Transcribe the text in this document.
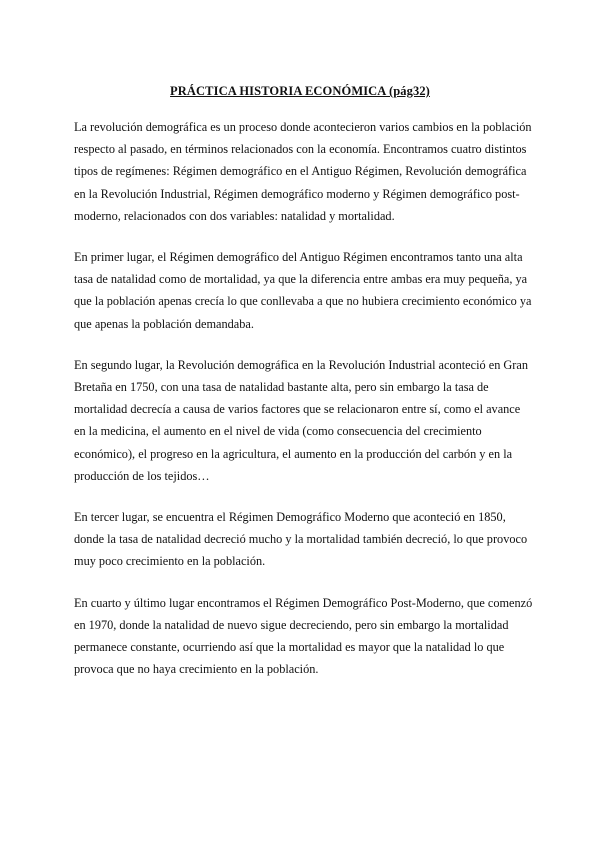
PRÁCTICA HISTORIA ECONÓMICA (pág32)

La revolución demográfica es un proceso donde acontecieron varios cambios en la población respecto al pasado, en términos relacionados con la economía. Encontramos cuatro distintos tipos de regímenes: Régimen demográfico en el Antiguo Régimen, Revolución demográfica en la Revolución Industrial, Régimen demográfico moderno y Régimen demográfico post-moderno, relacionados con dos variables: natalidad y mortalidad.

En primer lugar, el Régimen demográfico del Antiguo Régimen encontramos tanto una alta tasa de natalidad como de mortalidad, ya que la diferencia entre ambas era muy pequeña, ya que la población apenas crecía lo que conllevaba a que no hubiera crecimiento económico ya que apenas la población demandaba.

En segundo lugar, la Revolución demográfica en la Revolución Industrial aconteció en Gran Bretaña en 1750, con una tasa de natalidad bastante alta, pero sin embargo la tasa de mortalidad decrecía a causa de varios factores que se relacionaron entre sí, como el avance en la medicina, el aumento en el nivel de vida (como consecuencia del crecimiento económico), el progreso en la agricultura, el aumento en la producción del carbón y en la producción de los tejidos…

En tercer lugar, se encuentra el Régimen Demográfico Moderno que aconteció en 1850, donde la tasa de natalidad decreció mucho y la mortalidad también decreció, lo que provoco muy poco crecimiento en la población.

En cuarto y último lugar encontramos el Régimen Demográfico Post-Moderno, que comenzó en 1970, donde la natalidad de nuevo sigue decreciendo, pero sin embargo la mortalidad permanece constante, ocurriendo así que la mortalidad es mayor que la natalidad lo que provoca que no haya crecimiento en la población.
